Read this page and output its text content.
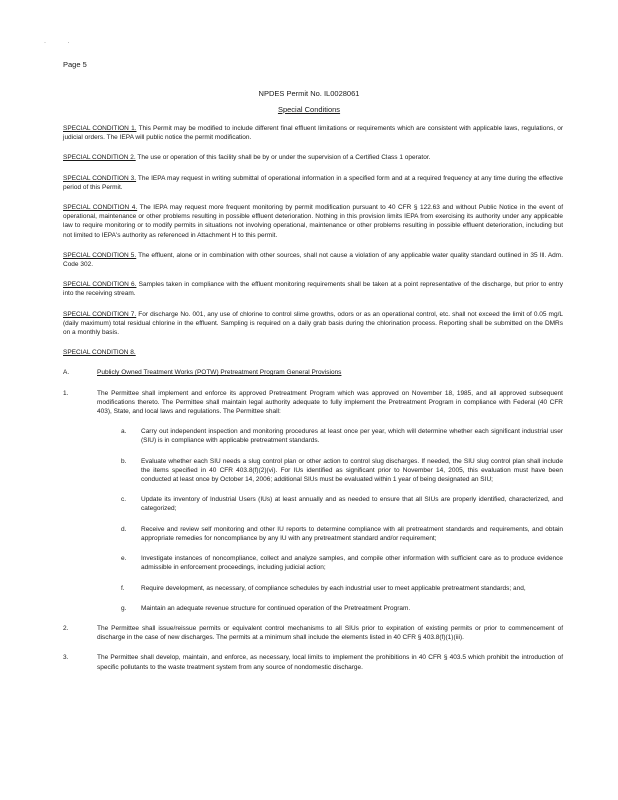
· ·
Page 5
NPDES Permit No. IL0028061
Special Conditions

SPECIAL CONDITION 1. This Permit may be modified to include different final effluent limitations or requirements which are consistent with applicable laws, regulations, or judicial orders. The IEPA will public notice the permit modification.

SPECIAL CONDITION 2. The use or operation of this facility shall be by or under the supervision of a Certified Class 1 operator.

SPECIAL CONDITION 3. The IEPA may request in writing submittal of operational information in a specified form and at a required frequency at any time during the effective period of this Permit.

SPECIAL CONDITION 4. The IEPA may request more frequent monitoring by permit modification pursuant to 40 CFR § 122.63 and without Public Notice in the event of operational, maintenance or other problems resulting in possible effluent deterioration. Nothing in this provision limits IEPA from exercising its authority under any applicable law to require monitoring or to modify permits in situations not involving operational, maintenance or other problems resulting in possible effluent deterioration, including but not limited to IEPA's authority as referenced in Attachment H to this permit.

SPECIAL CONDITION 5. The effluent, alone or in combination with other sources, shall not cause a violation of any applicable water quality standard outlined in 35 Ill. Adm. Code 302.

SPECIAL CONDITION 6. Samples taken in compliance with the effluent monitoring requirements shall be taken at a point representative of the discharge, but prior to entry into the receiving stream.

SPECIAL CONDITION 7. For discharge No. 001, any use of chlorine to control slime growths, odors or as an operational control, etc. shall not exceed the limit of 0.05 mg/L (daily maximum) total residual chlorine in the effluent. Sampling is required on a daily grab basis during the chlorination process. Reporting shall be submitted on the DMRs on a monthly basis.

SPECIAL CONDITION 8.

A.	Publicly Owned Treatment Works (POTW) Pretreatment Program General Provisions
1.	The Permittee shall implement and enforce its approved Pretreatment Program which was approved on November 18, 1985, and all approved subsequent modifications thereto. The Permittee shall maintain legal authority adequate to fully implement the Pretreatment Program in compliance with Federal (40 CFR 403), State, and local laws and regulations. The Permittee shall:
a. Carry out independent inspection and monitoring procedures at least once per year, which will determine whether each significant industrial user (SIU) is in compliance with applicable pretreatment standards.
b. Evaluate whether each SIU needs a slug control plan or other action to control slug discharges. If needed, the SIU slug control plan shall include the items specified in 40 CFR 403.8(f)(2)(vi). For IUs identified as significant prior to November 14, 2005, this evaluation must have been conducted at least once by October 14, 2006; additional SIUs must be evaluated within 1 year of being designated an SIU;
c. Update its inventory of Industrial Users (IUs) at least annually and as needed to ensure that all SIUs are properly identified, characterized, and categorized;
d. Receive and review self monitoring and other IU reports to determine compliance with all pretreatment standards and requirements, and obtain appropriate remedies for noncompliance by any IU with any pretreatment standard and/or requirement;
e. Investigate instances of noncompliance, collect and analyze samples, and compile other information with sufficient care as to produce evidence admissible in enforcement proceedings, including judicial action;
f.	Require development, as necessary, of compliance schedules by each industrial user to meet applicable pretreatment standards; and,
g. Maintain an adequate revenue structure for continued operation of the Pretreatment Program.
2.	The Permittee shall issue/reissue permits or equivalent control mechanisms to all SIUs prior to expiration of existing permits or prior to commencement of discharge in the case of new discharges. The permits at a minimum shall include the elements listed in 40 CFR § 403.8(f)(1)(iii).
3.	The Permittee shall develop, maintain, and enforce, as necessary, local limits to implement the prohibitions in 40 CFR § 403.5 which prohibit the introduction of specific pollutants to the waste treatment system from any source of nondomestic discharge.
